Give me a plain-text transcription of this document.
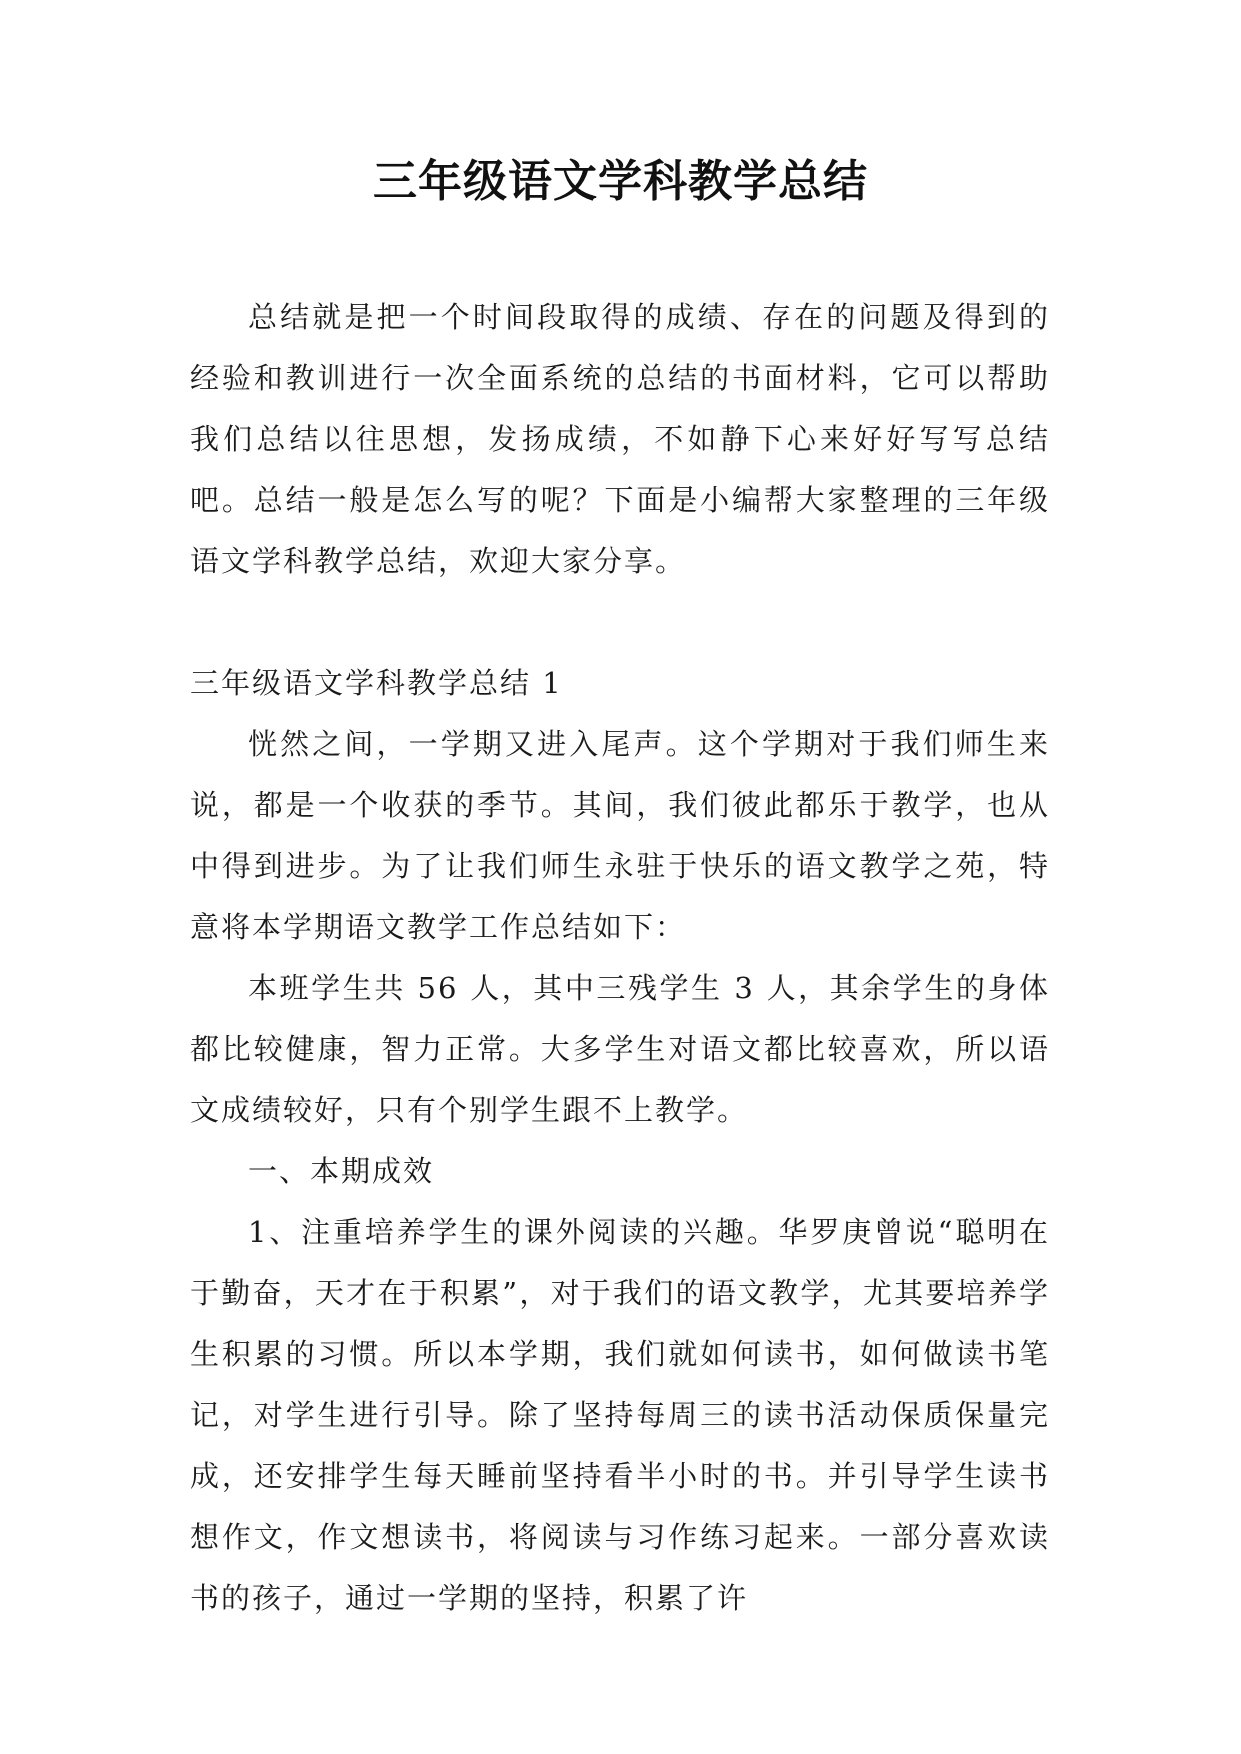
三年级语文学科教学总结

总结就是把一个时间段取得的成绩、存在的问题及得到的经验和教训进行一次全面系统的总结的书面材料，它可以帮助我们总结以往思想，发扬成绩，不如静下心来好好写写总结吧。总结一般是怎么写的呢？下面是小编帮大家整理的三年级语文学科教学总结，欢迎大家分享。

三年级语文学科教学总结 1

恍然之间，一学期又进入尾声。这个学期对于我们师生来说，都是一个收获的季节。其间，我们彼此都乐于教学，也从中得到进步。为了让我们师生永驻于快乐的语文教学之苑，特意将本学期语文教学工作总结如下：

本班学生共 56 人，其中三残学生 3 人，其余学生的身体都比较健康，智力正常。大多学生对语文都比较喜欢，所以语文成绩较好，只有个别学生跟不上教学。

一、本期成效

1、注重培养学生的课外阅读的兴趣。华罗庚曾说“聪明在于勤奋，天才在于积累”，对于我们的语文教学，尤其要培养学生积累的习惯。所以本学期，我们就如何读书，如何做读书笔记，对学生进行引导。除了坚持每周三的读书活动保质保量完成，还安排学生每天睡前坚持看半小时的书。并引导学生读书想作文，作文想读书，将阅读与习作练习起来。一部分喜欢读书的孩子，通过一学期的坚持，积累了许
